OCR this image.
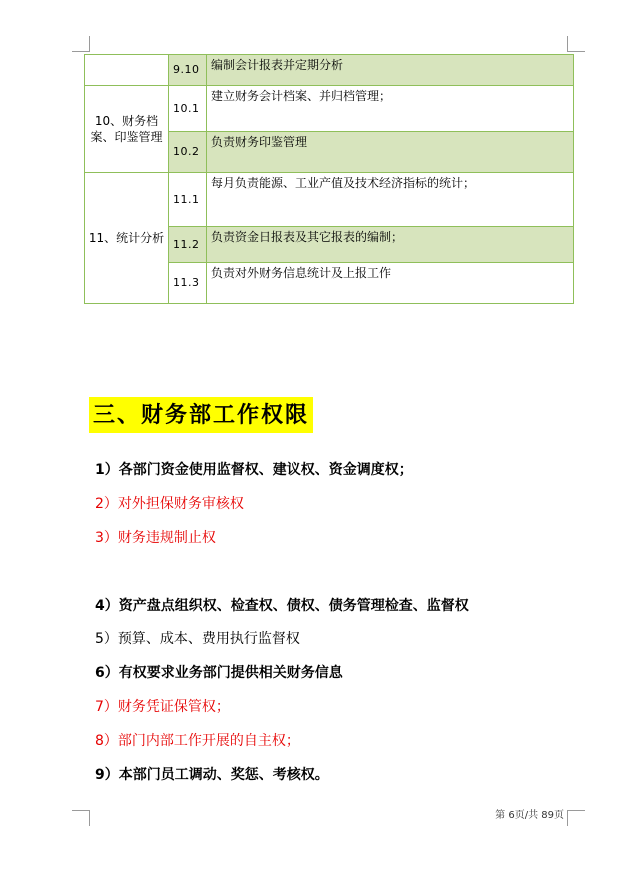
	9.10	编制会计报表并定期分析
10、财务档案、印鉴管理	10.1	建立财务会计档案、并归档管理；
	10.2	负责财务印鉴管理
11、统计分析	11.1	每月负责能源、工业产值及技术经济指标的统计；
	11.2	负责资金日报表及其它报表的编制；
	11.3	负责对外财务信息统计及上报工作
三、财务部工作权限
1）各部门资金使用监督权、建议权、资金调度权；
2）对外担保财务审核权
3）财务违规制止权
4）资产盘点组织权、检查权、债权、债务管理检查、监督权
5）预算、成本、费用执行监督权
6）有权要求业务部门提供相关财务信息
7）财务凭证保管权；
8）部门内部工作开展的自主权；
9）本部门员工调动、奖惩、考核权。
第 6页/共 89页
